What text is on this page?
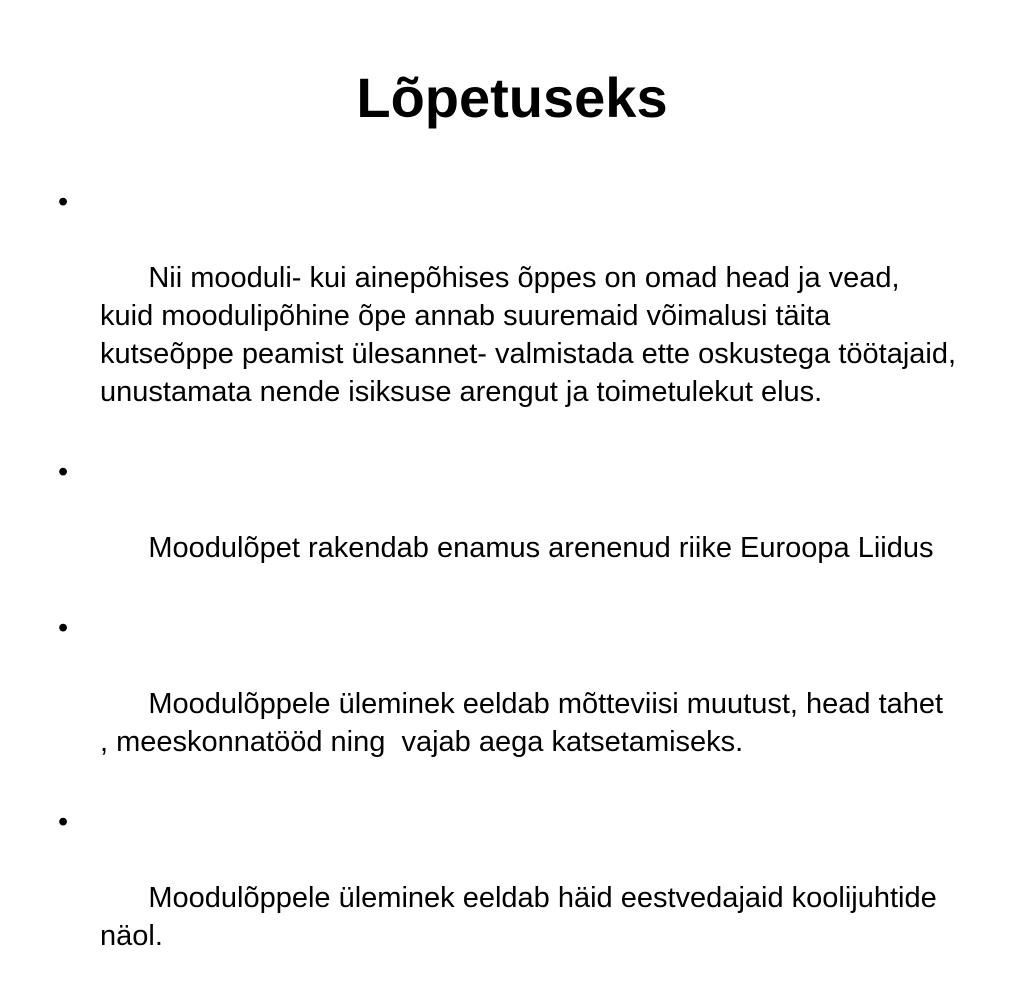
Lõpetuseks

•

Nii mooduli- kui ainepõhises õppes on omad head ja vead, kuid moodulipõhine õpe annab suuremaid võimalusi täita kutseõppe peamist ülesannet- valmistada ette oskustega töötajaid, unustamata nende isiksuse arengut ja toimetulekut elus.

•

Moodulõpet rakendab enamus arenenud riike Euroopa Liidus

•

Moodulõppele üleminek eeldab mõtteviisi muutust, head tahet , meeskonnatööd ning  vajab aega katsetamiseks.

•

Moodulõppele üleminek eeldab häid eestvedajaid koolijuhtide näol.
